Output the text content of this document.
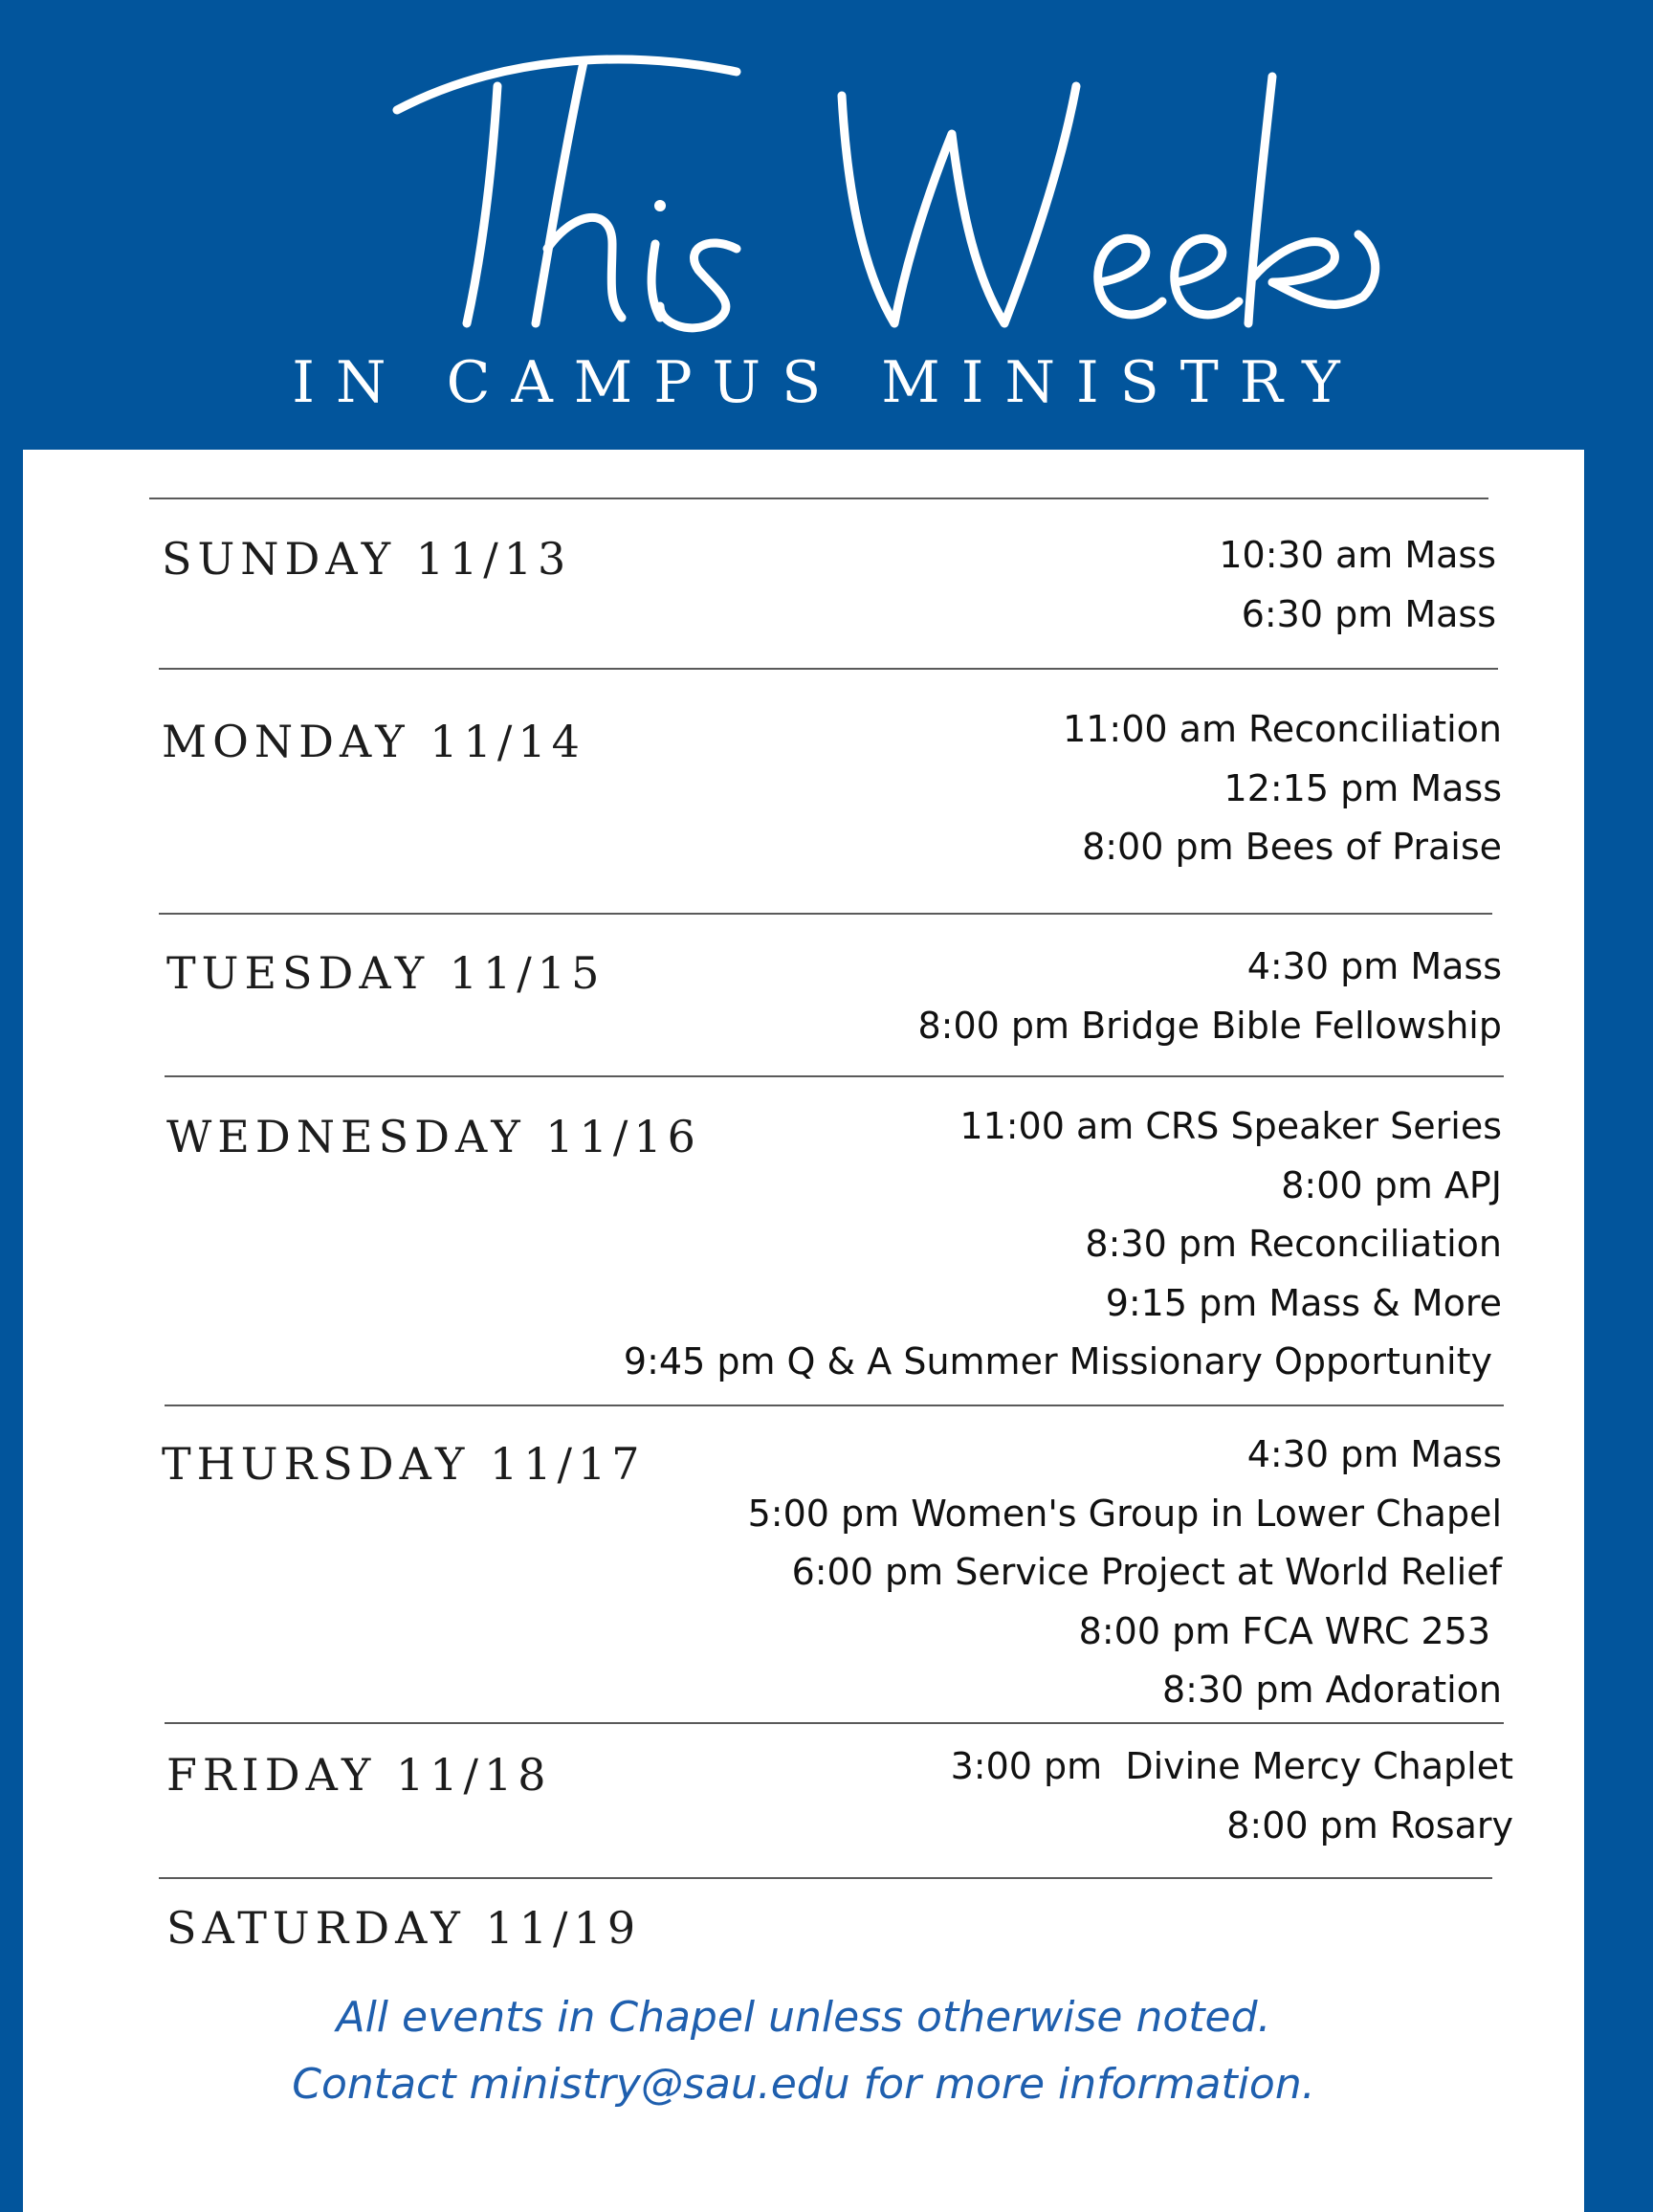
IN CAMPUS MINISTRY
SUNDAY 11/13	10:30 am Mass
6:30 pm Mass
MONDAY 11/14	11:00 am Reconciliation
12:15 pm Mass
8:00 pm Bees of Praise
TUESDAY 11/15	4:30 pm Mass
8:00 pm Bridge Bible Fellowship
WEDNESDAY 11/16	11:00 am CRS Speaker Series
8:00 pm APJ
8:30 pm Reconciliation
9:15 pm Mass & More
9:45 pm Q & A Summer Missionary Opportunity
THURSDAY 11/17	4:30 pm Mass
5:00 pm Women's Group in Lower Chapel
6:00 pm Service Project at World Relief
8:00 pm FCA WRC 253
8:30 pm Adoration
FRIDAY 11/18	3:00 pm  Divine Mercy Chaplet
8:00 pm Rosary
SATURDAY 11/19
All events in Chapel unless otherwise noted.
Contact ministry@sau.edu for more information.
